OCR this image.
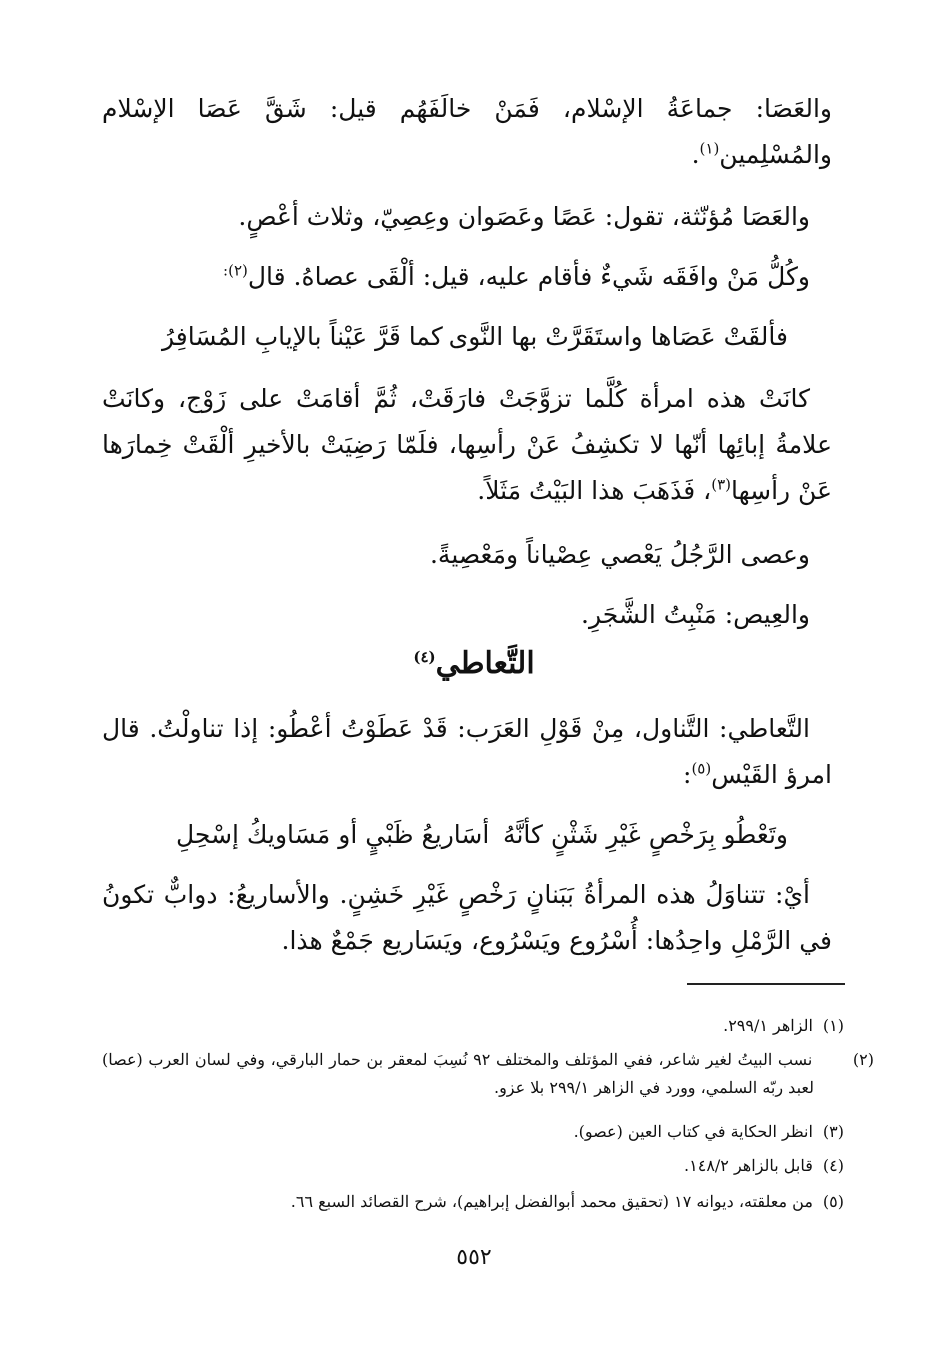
والعَصَا: جماعَةُ الإسْلام، فَمَنْ خالَفَهُم قيل: شَقَّ عَصَا الإسْلام والمُسْلِمين$^{(١)}$.
والعَصَا مُؤنّثة، تقول: عَصًا وعَصَوان وعِصِيّ، وثلاث أعْصٍ.
وكُلُّ مَنْ وافَقَه شَيءٌ فأقام عليه، قيل: ألْقَى عصاهُ. قال$^{(٢):}$
فألقَتْ عَصَاها واستَقَرَّتْ بها النَّوى
كما قَرَّ عَيْناً بالإيابِ المُسَافِرُ
كانَتْ هذه امرأة كُلَّما تزوَّجَتْ فارَقَتْ، ثُمَّ أقامَتْ على زَوْج، وكانَتْ علامةُ إبائِها أنّها لا تكشِفُ عَنْ رأسِها، فلَمّا رَضِيَتْ بالأخيرِ ألْقَتْ خِمارَها عَنْ رأسِها$^{(٣)}$، فَذَهَبَ هذا البَيْتُ مَثَلاً.
وعصى الرَّجُلُ يَعْصي عِصْياناً ومَعْصِيةً.
والعِيص: مَنْبِتُ الشَّجَرِ.
التَّعاطي$^{(٤)}$
التَّعاطي: التَّناول، مِنْ قَوْلِ العَرَب: قَدْ عَطَوْتُ أعْطُو: إذا تناولْتُ. قال امرؤ القَيْس$^{(٥)}$:
وتَعْطُو بِرَخْصٍ غَيْرِ شَثْنٍ كأنَّهُ
أسَاريعُ ظَبْيٍ أو مَسَاويكُ إسْحِلِ
أيْ: تتناوَلُ هذه المرأةُ بَبَنانٍ رَخْصٍ غَيْرِ خَشِنٍ. والأساريعُ: دوابٌّ تكونُ في الرَّمْلِ واحِدُها: أُسْرُوع ويَسْرُوع، ويَسَاريع جَمْعٌ هذا.
(١) الزاهر ٢٩٩/١.
(٢) نسب البيتُ لغير شاعر، ففي المؤتلف والمختلف ٩٢ نُسِبَ لمعقر بن حمار البارقي، وفي لسان العرب (عصا) لعبد ربّه السلمي، وورد في الزاهر ٢٩٩/١ بلا عزو.
(٣) انظر الحكاية في كتاب العين (عصو).
(٤) قابل بالزاهر ١٤٨/٢.
(٥) من معلقته، ديوانه ١٧ (تحقيق محمد أبوالفضل إبراهيم)، شرح القصائد السبع ٦٦.
٥٥٢
